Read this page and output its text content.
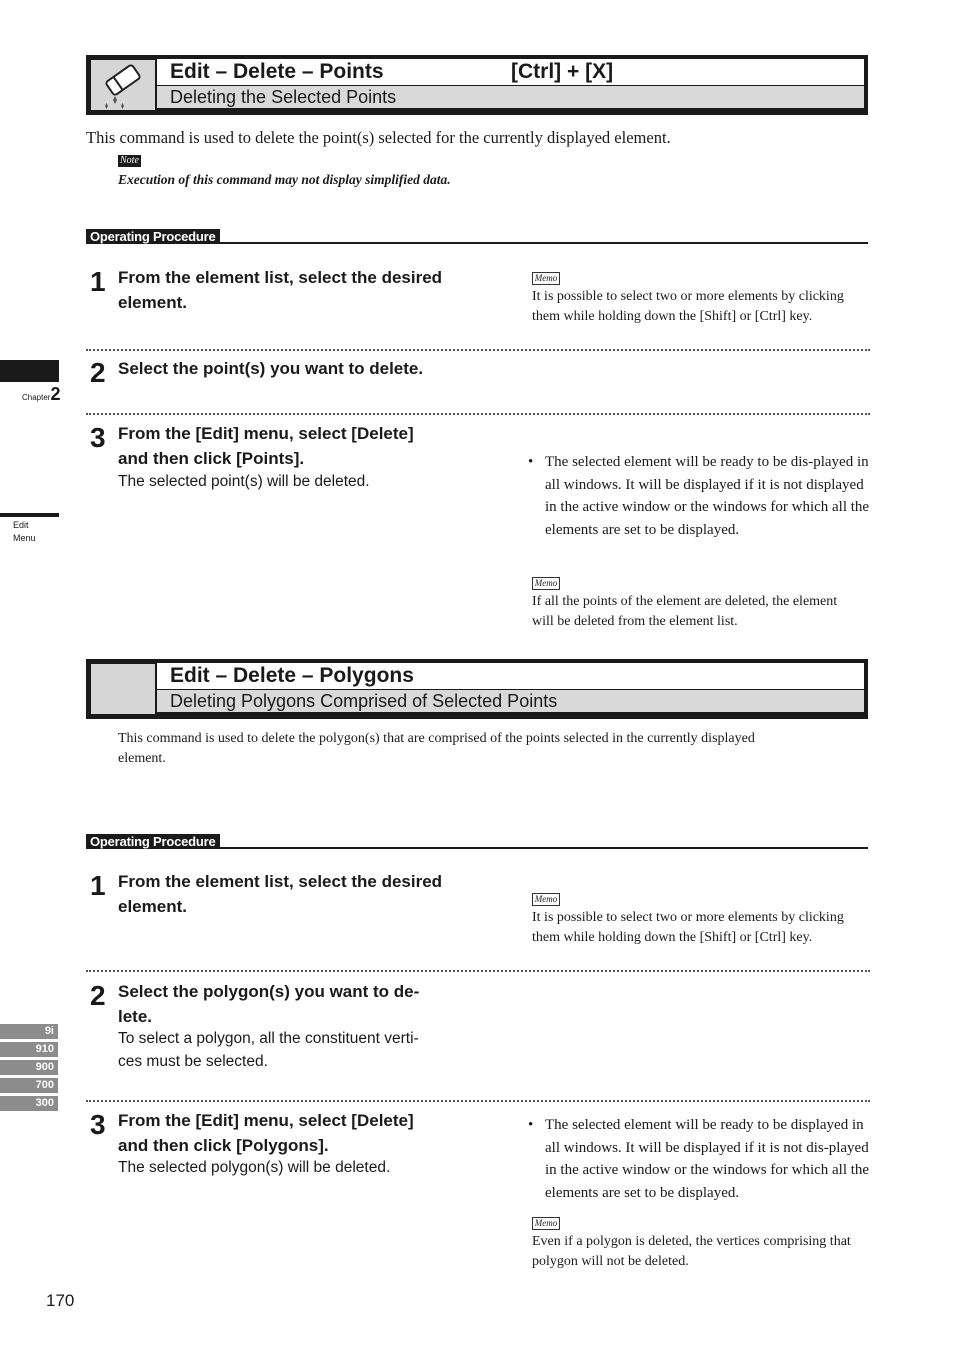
Chapter2
Edit
Menu
9i
910
900
700
300
Edit – Delete – Points	[Ctrl] + [X]
Deleting the Selected Points
This command is used to delete the point(s) selected for the currently displayed element.
Note
Execution of this command may not display simplified data.
Operating Procedure
1 From the element list, select the desired element.
Memo
It is possible to select two or more elements by clicking them while holding down the [Shift] or [Ctrl] key.
2 Select the point(s) you want to delete.
3 From the [Edit] menu, select [Delete] and then click [Points].
The selected point(s) will be deleted.
• The selected element will be ready to be dis-played in all windows. It will be displayed if it is not displayed in the active window or the windows for which all the elements are set to be displayed.
Memo
If all the points of the element are deleted, the element will be deleted from the element list.
Edit – Delete – Polygons
Deleting Polygons Comprised of Selected Points
This command is used to delete the polygon(s) that are comprised of the points selected in the currently displayed element.
Operating Procedure
1 From the element list, select the desired element.	Memo
It is possible to select two or more elements by clicking them while holding down the [Shift] or [Ctrl] key.
2 Select the polygon(s) you want to de-lete.
To select a polygon, all the constituent verti-ces must be selected.
3 From the [Edit] menu, select [Delete] and then click [Polygons].
The selected polygon(s) will be deleted.
• The selected element will be ready to be displayed in all windows. It will be displayed if it is not dis-played in the active window or the windows for which all the elements are set to be displayed.
Memo
Even if a polygon is deleted, the vertices comprising that polygon will not be deleted.
170
